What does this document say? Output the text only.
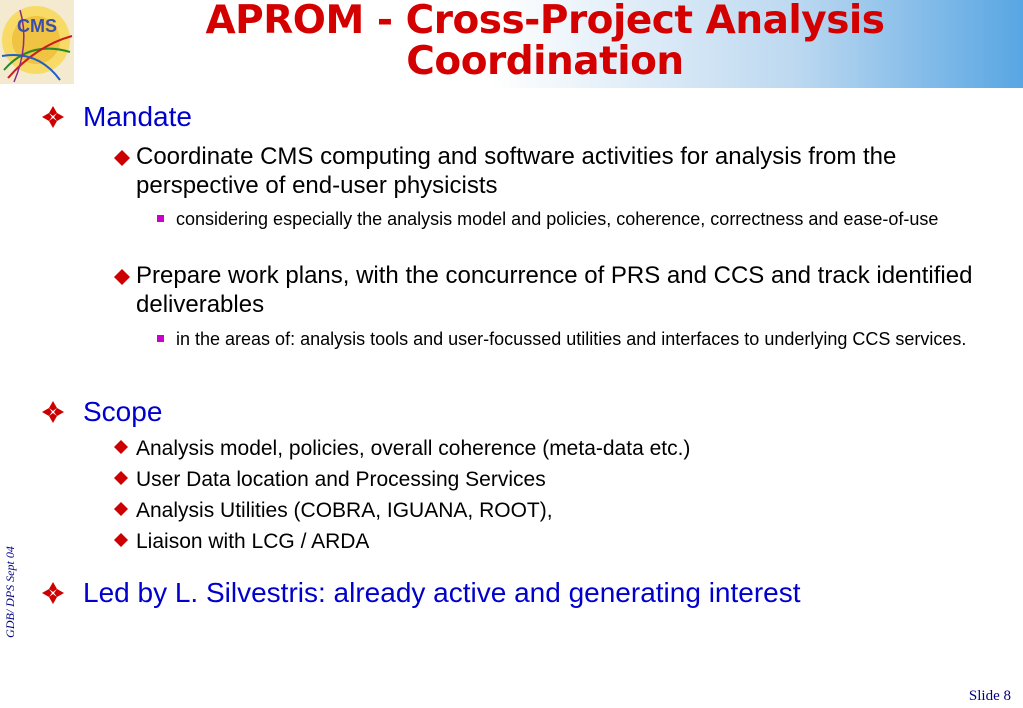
CMS	APROM - Cross-Project Analysis
Coordination
Mandate
Coordinate CMS computing and software activities for analysis from the perspective of end-user physicists
considering especially the analysis model and policies, coherence, correctness and ease-of-use
Prepare work plans, with the concurrence of PRS and CCS and track identified deliverables
in the areas of: analysis tools and user-focussed utilities and interfaces to underlying CCS services.
Scope
Analysis model, policies, overall coherence (meta-data etc.)
User Data location and Processing Services
Analysis Utilities (COBRA, IGUANA, ROOT),
Liaison with LCG / ARDA
Led by L. Silvestris: already active and generating interest
GDB/ DPS Sept 04
Slide 8
